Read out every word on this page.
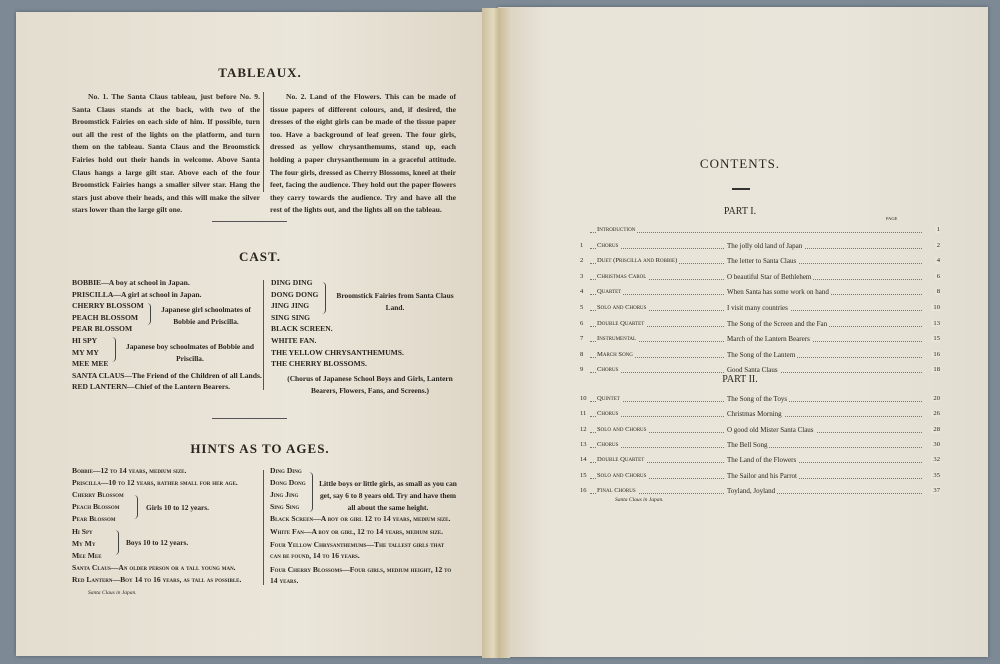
TABLEAUX.
No. 1. The Santa Claus tableau, just before No. 9. Santa Claus stands at the back, with two of the Broomstick Fairies on each side of him. If possible, turn out all the rest of the lights on the platform, and turn them on the tableau. Santa Claus and the Broomstick Fairies hold out their hands in welcome. Above Santa Claus hangs a large gilt star. Above each of the four Broomstick Fairies hangs a smaller silver star. Hang the stars just above their heads, and this will make the silver stars lower than the large gilt one.
No. 2. Land of the Flowers. This can be made of tissue papers of different colours, and, if desired, the dresses of the eight girls can be made of the tissue paper too. Have a background of leaf green. The four girls, dressed as yellow chrysanthemums, stand up, each holding a paper chrysanthemum in a graceful attitude. The four girls, dressed as Cherry Blossoms, kneel at their feet, facing the audience. They hold out the paper flowers they carry towards the audience. Try and have all the rest of the lights out, and the lights all on the tableau.
CAST.
BOBBIE—A boy at school in Japan.
PRISCILLA—A girl at school in Japan.
CHERRY BLOSSOM
PEACH BLOSSOM
PEAR BLOSSOM
HI SPY
MY MY
MEE MEE
SANTA CLAUS—The Friend of the Children of all Lands.
RED LANTERN—Chief of the Lantern Bearers.
DING DING
DONG DONG
JING JING
SING SING
BLACK SCREEN.
WHITE FAN.
THE YELLOW CHRYSANTHEMUMS.
THE CHERRY BLOSSOMS.
Japanese girl schoolmates of Bobbie and Priscilla.
Japanese boy schoolmates of Bobbie and Priscilla.
Broomstick Fairies from Santa Claus Land.
(Chorus of Japanese School Boys and Girls, Lantern Bearers, Flowers, Fans, and Screens.)
HINTS AS TO AGES.
Bobbie—12 to 14 years, medium size.
Priscilla—10 to 12 years, rather small for her age.
Cherry Blossom
Peach Blossom
Pear Blossom
Hi Spy
My My
Mee Mee
Santa Claus—An older person or a tall young man.
Red Lantern—Boy 14 to 16 years, as tall as possible.
Ding Ding
Dong Dong
Jing Jing
Sing Sing
Black Screen—A boy or girl 12 to 14 years, medium size.
White Fan—A boy or girl, 12 to 14 years, medium size.
Four Yellow Chrysanthemums—The tallest girls that can be found, 14 to 16 years.
Four Cherry Blossoms—Four girls, medium height, 12 to 14 years.
Girls 10 to 12 years.
Boys 10 to 12 years.
Little boys or little girls, as small as you can get, say 6 to 8 years old. Try and have them all about the same height.
Santa Claus in Japan.
CONTENTS.
PART I.
PAGE
Introduction	1
1 Chorus	The jolly old land of Japan	2
2 Duet (Priscilla and Robbie)	The letter to Santa Claus	4
3 Christmas Carol	O beautiful Star of Bethlehem	6
4 Quartet	When Santa has some work on hand	8
5 Solo and Chorus	I visit many countries	10
6 Double Quartet	The Song of the Screen and the Fan	13
7 Instrumental	March of the Lantern Bearers	15
8 March Song	The Song of the Lantern	16
9 Chorus	Good Santa Claus	18
PART II.
10 Quintet	The Song of the Toys	20
11 Chorus	Christmas Morning	26
12 Solo and Chorus	O good old Mister Santa Claus	28
13 Chorus	The Bell Song	30
14 Double Quartet	The Land of the Flowers	32
15 Solo and Chorus	The Sailor and his Parrot	35
16 Final Chorus	Toyland, Joyland	37
Santa Claus in Japan.
